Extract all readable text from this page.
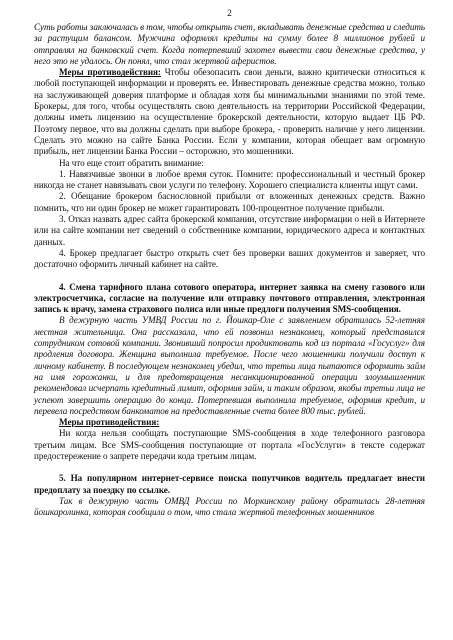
2

Суть работы заключалась в том, чтобы открыть счет, вкладывать денежные средства и следить за растущим балансом. Мужчина оформлял кредиты на сумму более 8 миллионов рублей и отправлял на банковский счет. Когда потерпевший захотел вывести свои денежные средства, у него это не удалось. Он понял, что стал жертвой аферистов.

Меры противодействия: Чтобы обезопасить свои деньги, важно критически относиться к любой поступающей информации и проверять ее. Инвестировать денежные средства можно, только на заслуживающей доверия платформе и обладая хотя бы минимальными знаниями по этой теме. Брокеры, для того, чтобы осуществлять свою деятельность на территории Российской Федерации, должны иметь лицензию на осуществление брокерской деятельности, которую выдает ЦБ РФ. Поэтому первое, что вы должны сделать при выборе брокера, - проверить наличие у него лицензии. Сделать это можно на сайте Банка России. Если у компании, которая обещает вам огромную прибыль, нет лицензии Банка России – осторожно, это мошенники.

На что еще стоит обратить внимание:

1. Навязчивые звонки в любое время суток. Помните: профессиональный и честный брокер никогда не станет навязывать свои услуги по телефону. Хорошего специалиста клиенты ищут сами.

2. Обещание брокером баснословной прибыли от вложенных денежных средств. Важно помнить, что ни один брокер не может гарантировать 100-процентное получение прибыли.

3. Отказ назвать адрес сайта брокерской компании, отсутствие информации о ней в Интернете или на сайте компании нет сведений о собственнике компании, юридического адреса и контактных данных.

4. Брокер предлагает быстро открыть счет без проверки ваших документов и заверяет, что достаточно оформить личный кабинет на сайте.

4. Смена тарифного плана сотового оператора, интернет заявка на смену газового или электросчетчика, согласие на получение или отправку почтового отправления, электронная запись к врачу, замена страхового полиса или иные предлоги получения SMS-сообщения.

В дежурную часть УМВД России по г. Йошкар-Оле с заявлением обратилась 52-летняя местная жительница. Она рассказала, что ей позвонил незнакомец, который представился сотрудником сотовой компании. Звонивший попросил продиктовать код из портала «Госуслуг» для продления договора. Женщина выполнила требуемое. После чего мошенники получили доступ к личному кабинету. В последующем незнакомец убедил, что третьи лица пытаются оформить займ на имя горожанки, и для предотвращения несанкционированной операции злоумышленник рекомендовал исчерпать кредитный лимит, оформив займ, и таким образом, якобы третьи лица не успеют завершить операцию до конца. Потерпевшая выполнила требуемое, оформив кредит, и перевела посредством банкоматов на предоставленные счета более 800 тыс. рублей.

Меры противодействия:

Ни когда нельзя сообщать поступающие SMS-сообщения в ходе телефонного разговора третьим лицам. Все SMS-сообщения поступающие от портала «ГосУслуги» в тексте содержат предостережение о запрете передачи кода третьим лицам.

5. На популярном интернет-сервисе поиска попутчиков водитель предлагает внести предоплату за поездку по ссылке.

Так в дежурную часть ОМВД России по Моркинскому району обратилась 28-летняя йошкаролинка, которая сообщила о том, что стала жертвой телефонных мошенников
